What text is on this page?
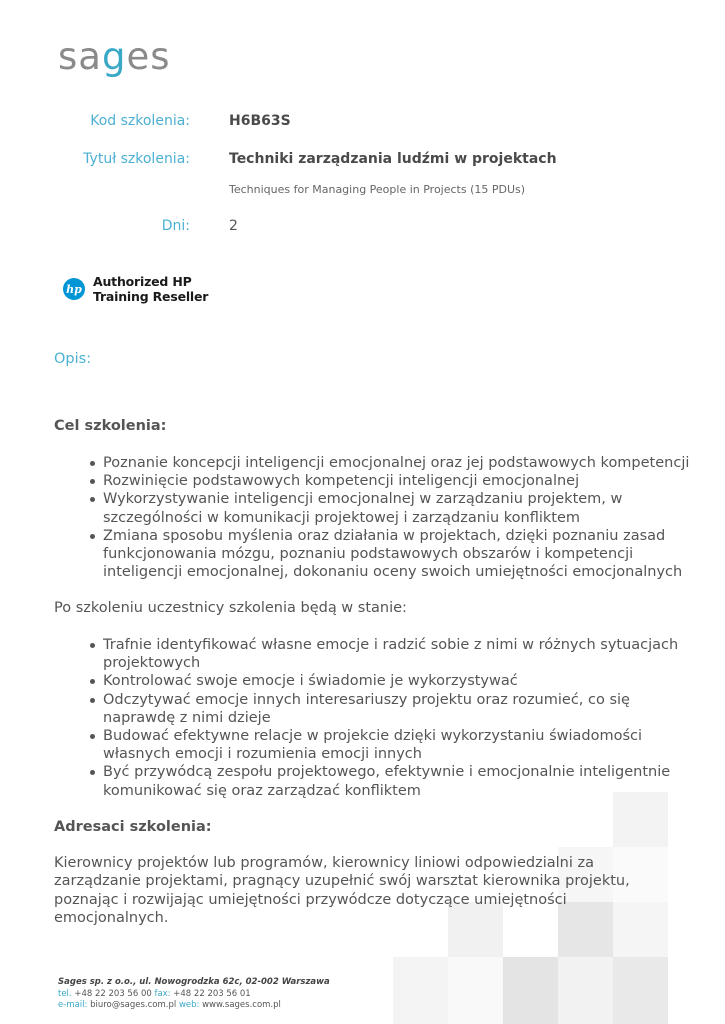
sages
Kod szkolenia:	H6B63S
Tytuł szkolenia:	Techniki zarządzania ludźmi w projektach
Techniques for Managing People in Projects (15 PDUs)
Dni:	2
hp Authorized HP
Training Reseller
Opis:
Cel szkolenia:
Poznanie koncepcji inteligencji emocjonalnej oraz jej podstawowych kompetencji
Rozwinięcie podstawowych kompetencji inteligencji emocjonalnej
Wykorzystywanie inteligencji emocjonalnej w zarządzaniu projektem, w szczególności w komunikacji projektowej i zarządzaniu konfliktem
Zmiana sposobu myślenia oraz działania w projektach, dzięki poznaniu zasad funkcjonowania mózgu, poznaniu podstawowych obszarów i kompetencji inteligencji emocjonalnej, dokonaniu oceny swoich umiejętności emocjonalnych
Po szkoleniu uczestnicy szkolenia będą w stanie:
Trafnie identyfikować własne emocje i radzić sobie z nimi w różnych sytuacjach projektowych
Kontrolować swoje emocje i świadomie je wykorzystywać
Odczytywać emocje innych interesariuszy projektu oraz rozumieć, co się naprawdę z nimi dzieje
Budować efektywne relacje w projekcie dzięki wykorzystaniu świadomości własnych emocji i rozumienia emocji innych
Być przywódcą zespołu projektowego, efektywnie i emocjonalnie inteligentnie komunikować się oraz zarządzać konfliktem
Adresaci szkolenia:
Kierownicy projektów lub programów, kierownicy liniowi odpowiedzialni za zarządzanie projektami, pragnący uzupełnić swój warsztat kierownika projektu, poznając i rozwijając umiejętności przywódcze dotyczące umiejętności emocjonalnych.
Sages sp. z o.o., ul. Nowogrodzka 62c, 02-002 Warszawa
tel. +48 22 203 56 00 fax: +48 22 203 56 01
e-mail: biuro@sages.com.pl web: www.sages.com.pl
